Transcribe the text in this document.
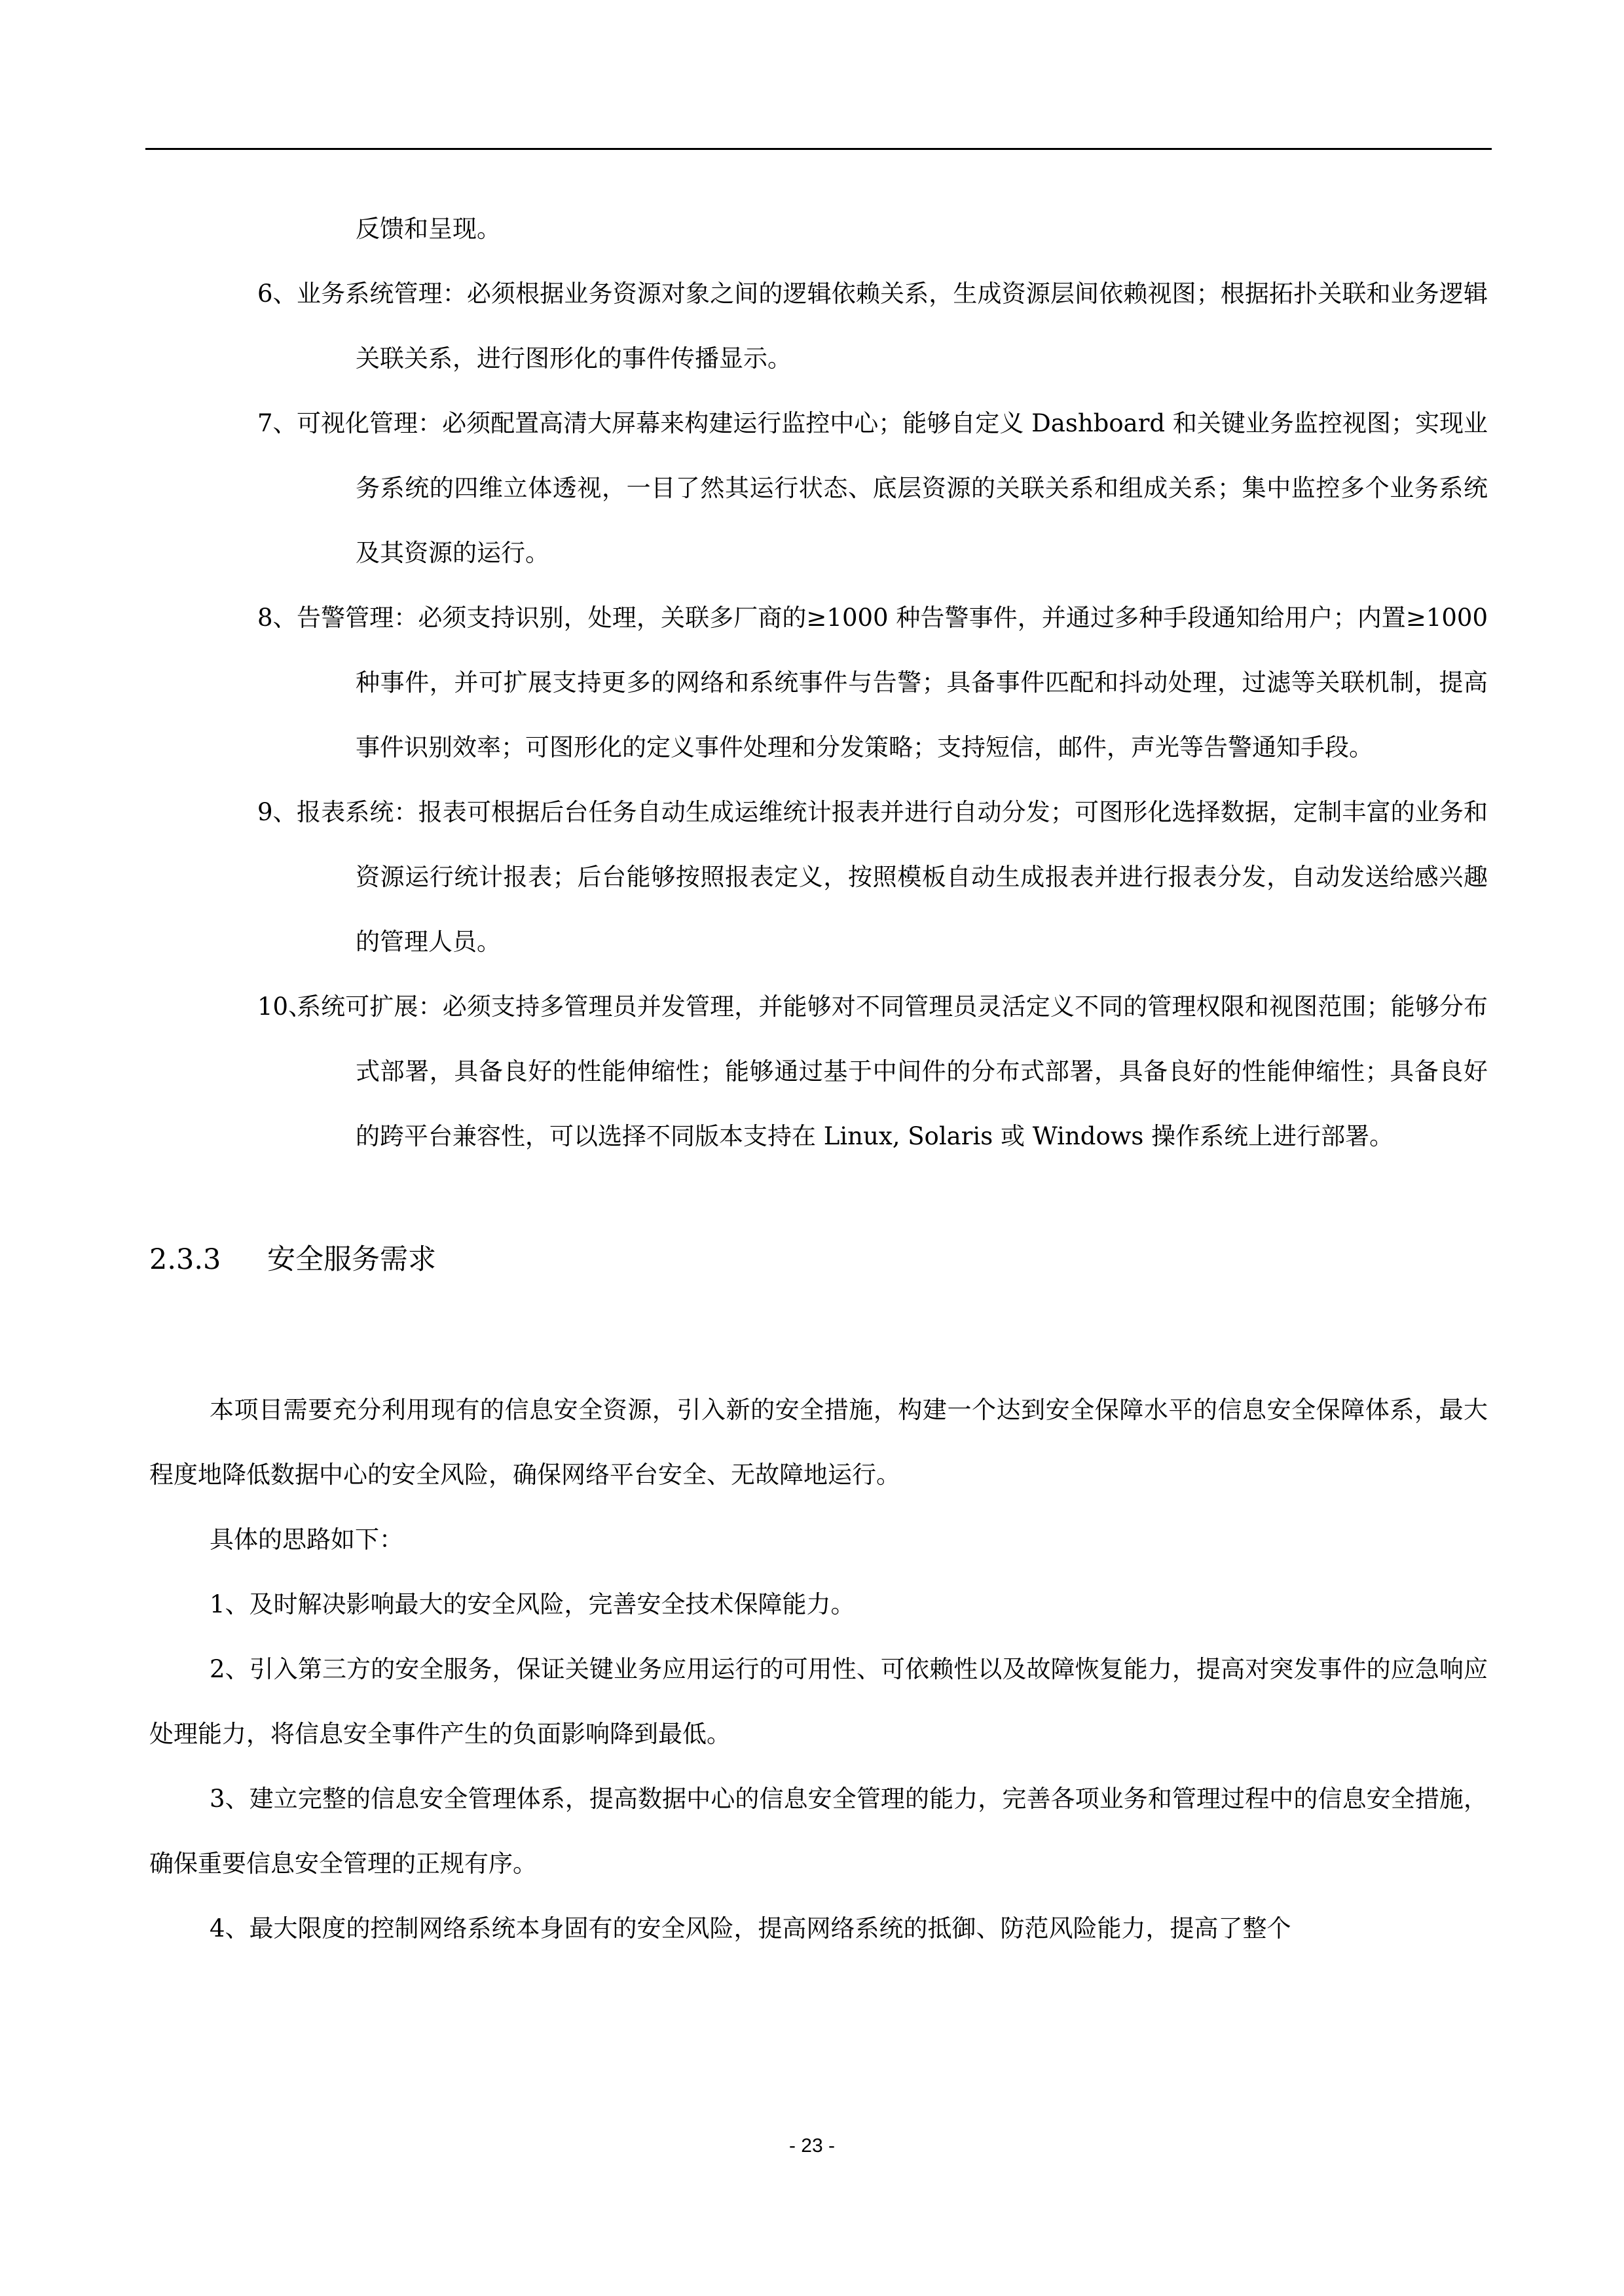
反馈和呈现。

6、 业务系统管理：必须根据业务资源对象之间的逻辑依赖关系，生成资源层间依赖视图；根据拓扑关联和业务逻辑关联关系，进行图形化的事件传播显示。
7、 可视化管理：必须配置高清大屏幕来构建运行监控中心；能够自定义 Dashboard 和关键业务监控视图；实现业务系统的四维立体透视，一目了然其运行状态、底层资源的关联关系和组成关系；集中监控多个业务系统及其资源的运行。
8、 告警管理：必须支持识别，处理，关联多厂商的≥1000 种告警事件，并通过多种手段通知给用户；内置≥1000 种事件，并可扩展支持更多的网络和系统事件与告警；具备事件匹配和抖动处理，过滤等关联机制，提高事件识别效率；可图形化的定义事件处理和分发策略；支持短信，邮件，声光等告警通知手段。
9、 报表系统：报表可根据后台任务自动生成运维统计报表并进行自动分发；可图形化选择数据，定制丰富的业务和资源运行统计报表；后台能够按照报表定义，按照模板自动生成报表并进行报表分发，自动发送给感兴趣的管理人员。
10、
系统可扩展：必须支持多管理员并发管理，并能够对不同管理员灵活定义不同的管理权限和视图范围；能够分布式部署，具备良好的性能伸缩性；能够通过基于中间件的分布式部署，具备良好的性能伸缩性；具备良好的跨平台兼容性，可以选择不同版本支持在 Linux, Solaris 或 Windows 操作系统上进行部署。
2.3.3 安全服务需求

本项目需要充分利用现有的信息安全资源，引入新的安全措施，构建一个达到安全保障水平的信息安全保障体系，最大程度地降低数据中心的安全风险，确保网络平台安全、无故障地运行。

具体的思路如下：

1、及时解决影响最大的安全风险，完善安全技术保障能力。

2、引入第三方的安全服务，保证关键业务应用运行的可用性、可依赖性以及故障恢复能力，提高对突发事件的应急响应处理能力，将信息安全事件产生的负面影响降到最低。

3、建立完整的信息安全管理体系，提高数据中心的信息安全管理的能力，完善各项业务和管理过程中的信息安全措施，确保重要信息安全管理的正规有序。

4、最大限度的控制网络系统本身固有的安全风险，提高网络系统的抵御、防范风险能力，提高了整个

- 23 -
